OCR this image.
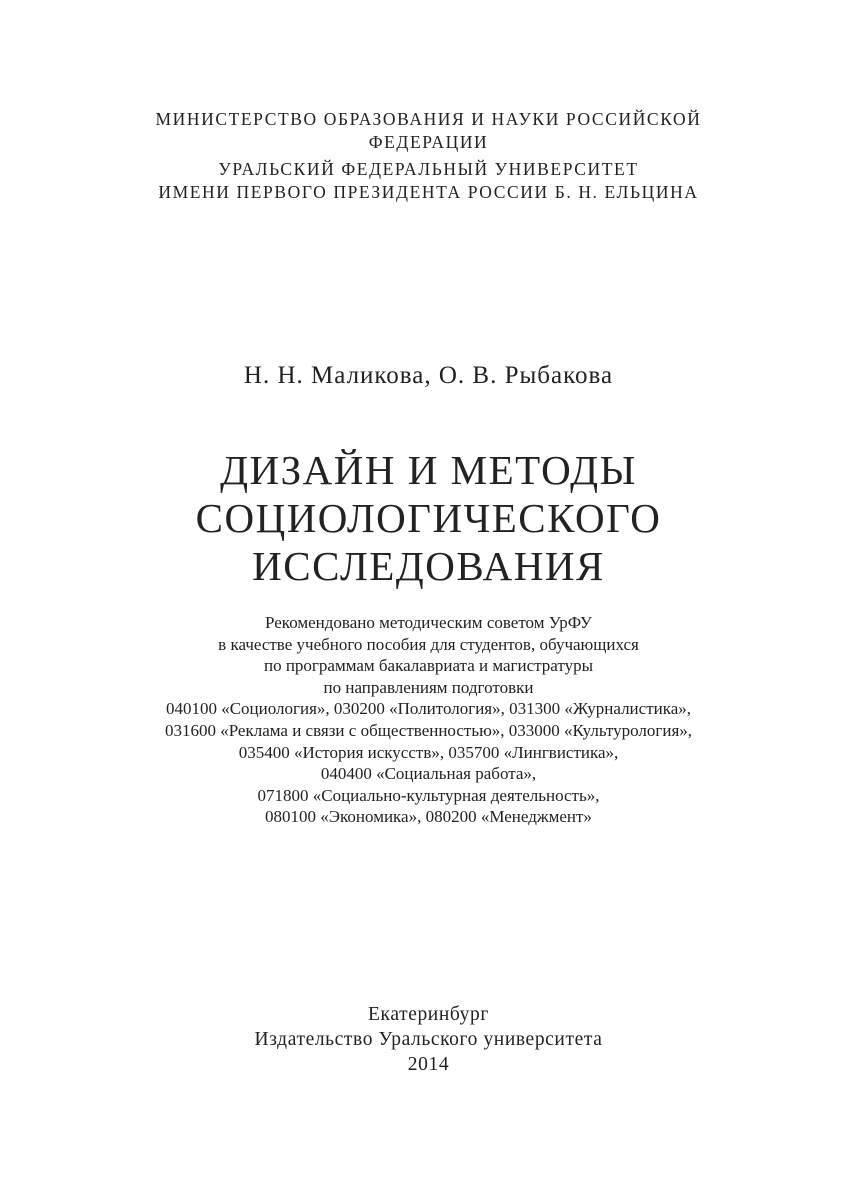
МИНИСТЕРСТВО ОБРАЗОВАНИЯ И НАУКИ РОССИЙСКОЙ
ФЕДЕРАЦИИ
УРАЛЬСКИЙ ФЕДЕРАЛЬНЫЙ УНИВЕРСИТЕТ
ИМЕНИ ПЕРВОГО ПРЕЗИДЕНТА РОССИИ Б. Н. ЕЛЬЦИНА
Н. Н. Маликова, О. В. Рыбакова
ДИЗАЙН И МЕТОДЫ
СОЦИОЛОГИЧЕСКОГО
ИССЛЕДОВАНИЯ
Рекомендовано методическим советом УрФУ
в качестве учебного пособия для студентов, обучающихся
по программам бакалавриата и магистратуры
по направлениям подготовки
040100 «Социология», 030200 «Политология», 031300 «Журналистика»,
031600 «Реклама и связи с общественностью», 033000 «Культурология»,
035400 «История искусств», 035700 «Лингвистика»,
040400 «Социальная работа»,
071800 «Социально-культурная деятельность»,
080100 «Экономика», 080200 «Менеджмент»
Екатеринбург
Издательство Уральского университета
2014
